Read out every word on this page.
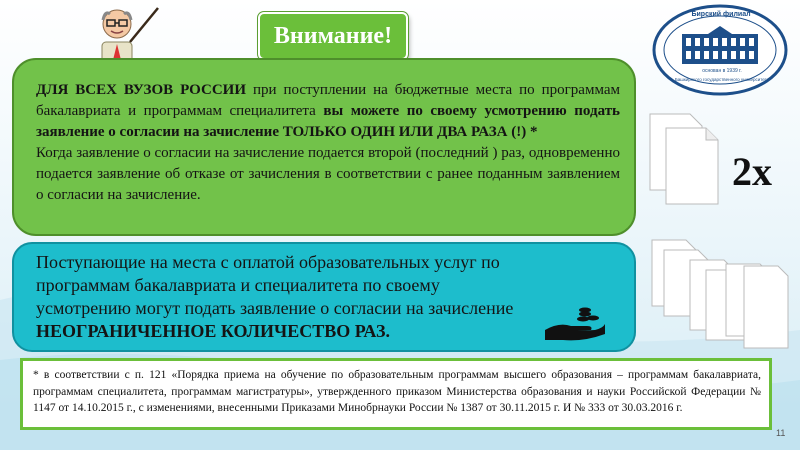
Внимание!
Бирский филиал
основан в 1939 г.
Башкирского государственного университета
ДЛЯ ВСЕХ ВУЗОВ РОССИИ при поступлении на бюджетные места по программам бакалавриата и программам специалитета вы можете по своему усмотрению подать заявление о согласии на зачисление ТОЛЬКО ОДИН ИЛИ ДВА РАЗА (!) *
Когда заявление о согласии на зачисление подается второй (последний ) раз, одновременно подается заявление об отказе от зачисления в соответствии с ранее поданным заявлением о согласии на зачисление.
2х
Поступающие на места с оплатой образовательных услуг по программам бакалавриата и специалитета по своему усмотрению могут подать заявление о согласии на зачисление
НЕОГРАНИЧЕННОЕ КОЛИЧЕСТВО РАЗ.
* в соответствии с п. 121 «Порядка приема на обучение по образовательным программам высшего образования – программам бакалавриата, программам специалитета, программам магистратуры», утвержденного приказом Министерства образования и науки Российской Федерации № 1147 от 14.10.2015 г., с изменениями, внесенными Приказами Минобрнауки России № 1387 от 30.11.2015 г. И № 333 от 30.03.2016 г.
11
